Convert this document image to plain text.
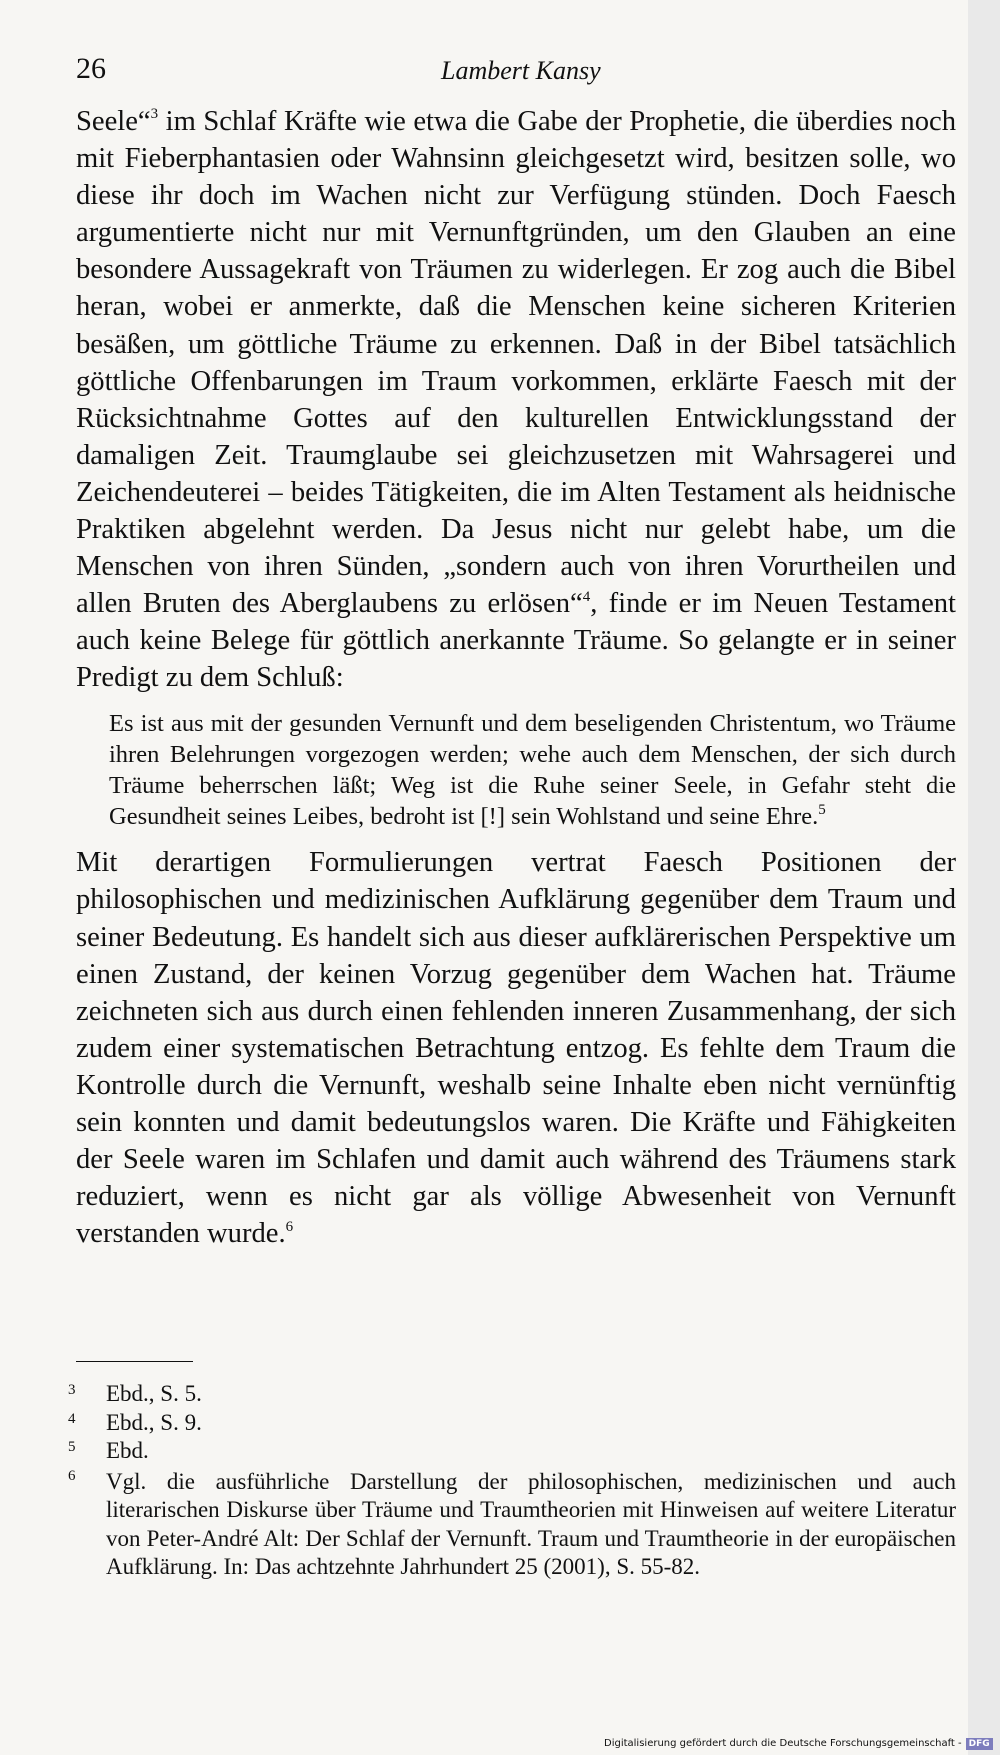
26	Lambert Kansy

Seele“$^3$ im Schlaf Kräfte wie etwa die Gabe der Prophetie, die überdies noch mit Fieberphantasien oder Wahnsinn gleichgesetzt wird, besitzen solle, wo diese ihr doch im Wachen nicht zur Verfügung stünden. Doch Faesch argumentierte nicht nur mit Vernunftgründen, um den Glauben an eine besondere Aussagekraft von Träumen zu widerlegen. Er zog auch die Bibel heran, wobei er anmerkte, daß die Menschen keine sicheren Kriterien besäßen, um göttliche Träume zu erkennen. Daß in der Bibel tatsächlich göttliche Offenbarungen im Traum vorkommen, erklärte Faesch mit der Rücksichtnahme Gottes auf den kulturellen Entwicklungsstand der damaligen Zeit. Traumglaube sei gleichzusetzen mit Wahrsagerei und Zeichendeuterei – beides Tätigkeiten, die im Alten Testament als heidnische Praktiken abgelehnt werden. Da Jesus nicht nur gelebt habe, um die Menschen von ihren Sünden, „sondern auch von ihren Vorurtheilen und allen Bruten des Aberglaubens zu erlösen“$^4$, finde er im Neuen Testament auch keine Belege für göttlich anerkannte Träume. So gelangte er in seiner Predigt zu dem Schluß:

Es ist aus mit der gesunden Vernunft und dem beseligenden Christentum, wo Träume ihren Belehrungen vorgezogen werden; wehe auch dem Menschen, der sich durch Träume beherrschen läßt; Weg ist die Ruhe seiner Seele, in Gefahr steht die Gesundheit seines Leibes, bedroht ist [!] sein Wohlstand und seine Ehre.$^5$

Mit derartigen Formulierungen vertrat Faesch Positionen der philosophischen und medizinischen Aufklärung gegenüber dem Traum und seiner Bedeutung. Es handelt sich aus dieser aufklärerischen Perspektive um einen Zustand, der keinen Vorzug gegenüber dem Wachen hat. Träume zeichneten sich aus durch einen fehlenden inneren Zusammenhang, der sich zudem einer systematischen Betrachtung entzog. Es fehlte dem Traum die Kontrolle durch die Vernunft, weshalb seine Inhalte eben nicht vernünftig sein konnten und damit bedeutungslos waren. Die Kräfte und Fähigkeiten der Seele waren im Schlafen und damit auch während des Träumens stark reduziert, wenn es nicht gar als völlige Abwesenheit von Vernunft verstanden wurde.$^6$

3	Ebd., S. 5.
4	Ebd., S. 9.
5	Ebd.
6	Vgl. die ausführliche Darstellung der philosophischen, medizinischen und auch literarischen Diskurse über Träume und Traumtheorien mit Hinweisen auf weitere Literatur von Peter-André Alt: Der Schlaf der Vernunft. Traum und Traumtheorie in der europäischen Aufklärung. In: Das achtzehnte Jahrhundert 25 (2001), S. 55-82.
Digitalisierung gefördert durch die Deutsche Forschungsgemeinschaft - DFG
